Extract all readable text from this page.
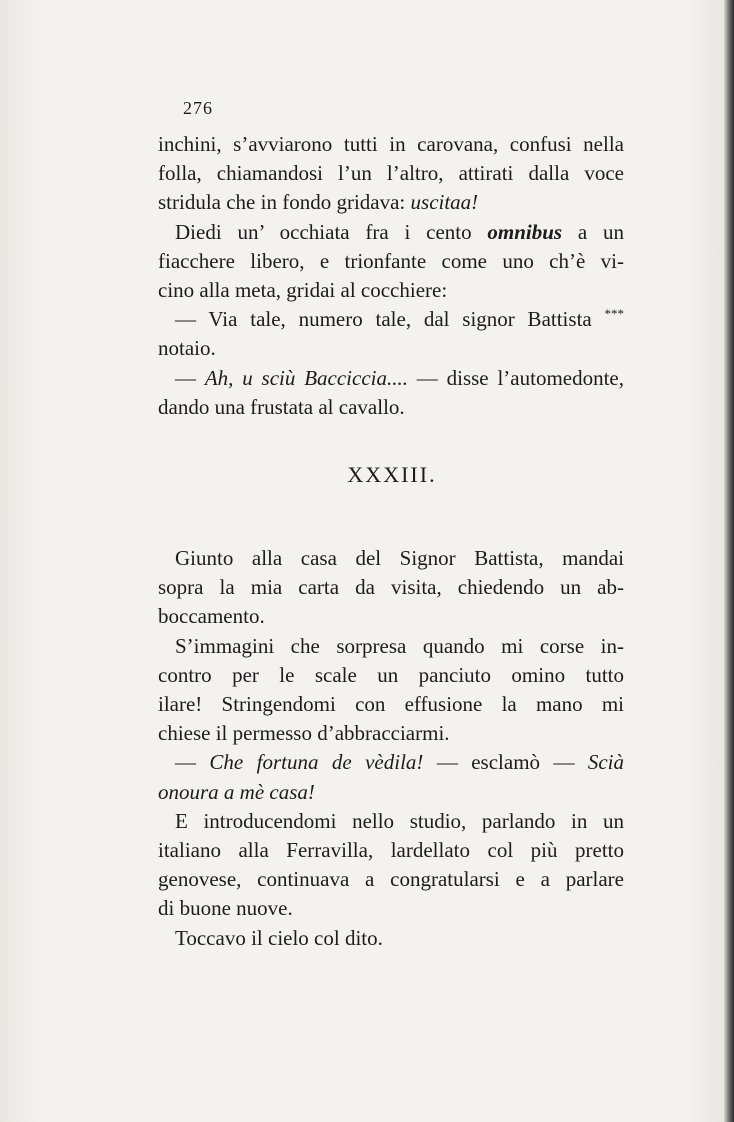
276

inchini, s’avviarono tutti in carovana, confusi nella

folla, chiamandosi l’un l’altro, attirati dalla voce

stridula che in fondo gridava: uscitaa!

Diedi un’ occhiata fra i cento omnibus a un

fiacchere libero, e trionfante come uno ch’è vi-

cino alla meta, gridai al cocchiere:

— Via tale, numero tale, dal signor Battista ***

notaio.

— Ah, u sciù Bacciccia.... — disse l’automedonte,

dando una frustata al cavallo.

XXXIII.

Giunto alla casa del Signor Battista, mandai

sopra la mia carta da visita, chiedendo un ab-

boccamento.

S’immagini che sorpresa quando mi corse in-

contro per le scale un panciuto omino tutto

ilare! Stringendomi con effusione la mano mi

chiese il permesso d’abbracciarmi.

— Che fortuna de vèdila! — esclamò — Scià

onoura a mè casa!

E introducendomi nello studio, parlando in un

italiano alla Ferravilla, lardellato col più pretto

genovese, continuava a congratularsi e a parlare

di buone nuove.

Toccavo il cielo col dito.
